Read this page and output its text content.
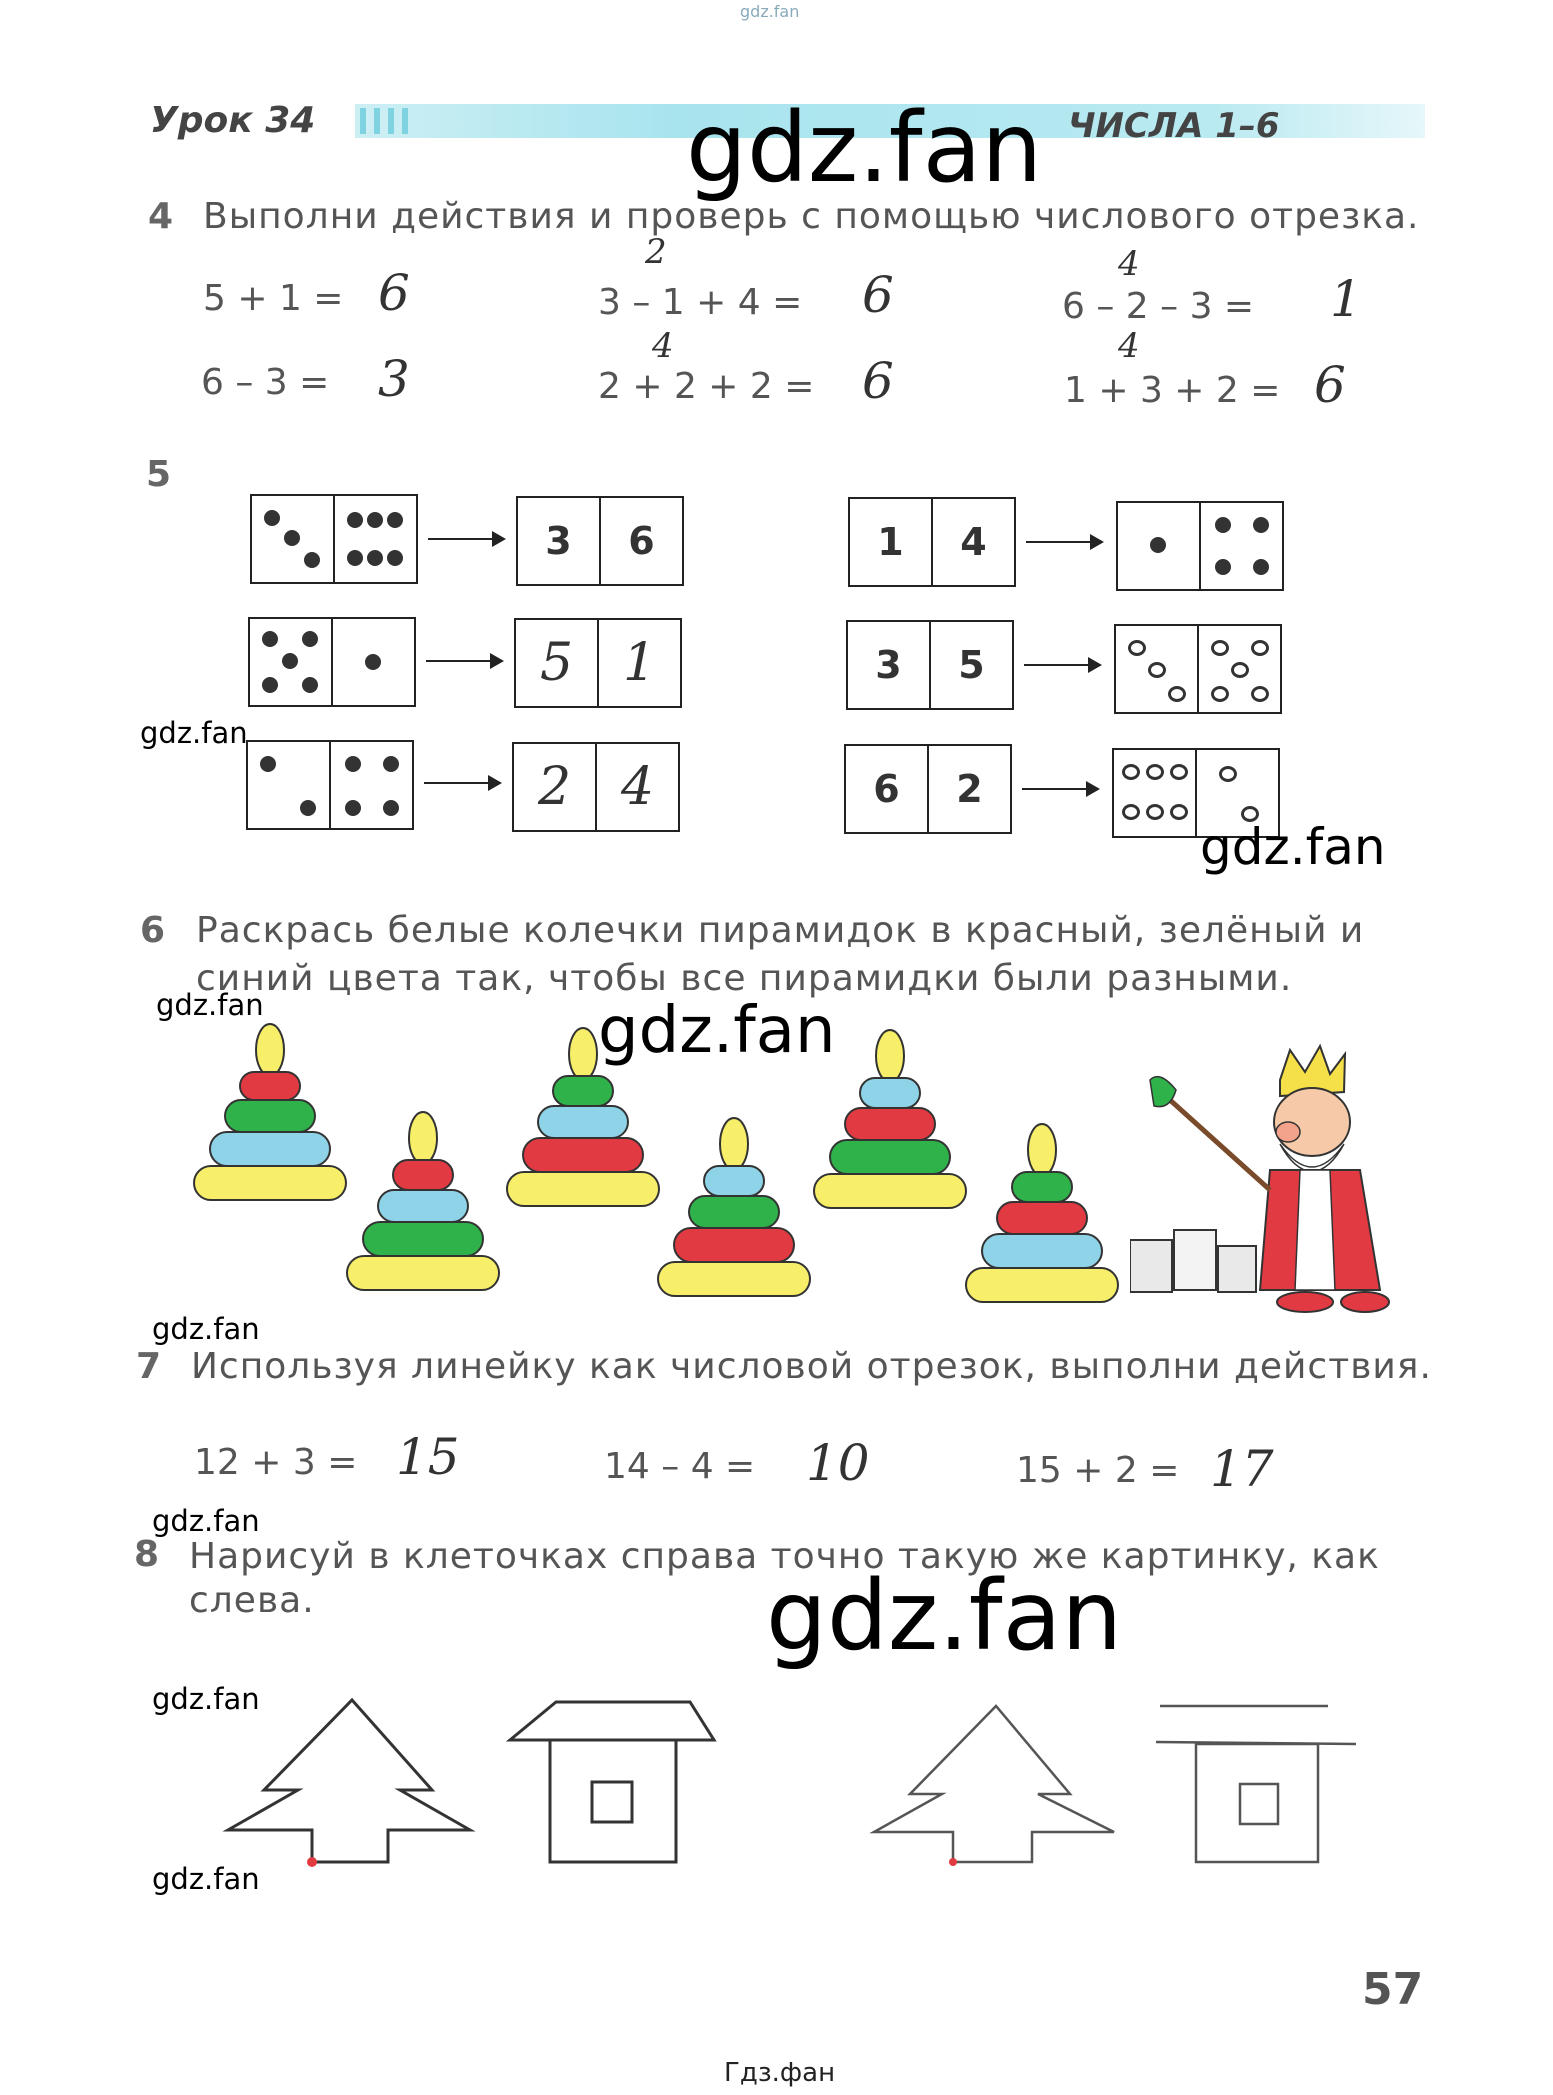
gdz.fan
Урок 34	ЧИСЛА 1–6
4 Выполни действия и проверь с помощью числового отрезка.
5 + 1 = 6
2
3 – 1 + 4 = 6
4
6 – 2 – 3 = 1
6 – 3 = 3
4
2 + 2 + 2 = 6
4
1 + 3 + 2 = 6
5
3	6
5 1
2 4
1	4
3	5
6	2
6 Раскрась белые колечки пирамидок в красный, зелёный и
синий цвета так, чтобы все пирамидки были разными.
7 Используя линейку как числовой отрезок, выполни действия.
12 + 3 = 15	14 – 4 = 10	15 + 2 = 17
8 Нарисуй в клеточках справа точно такую же картинку, как
слева.
57
Гдз.фан
gdz.fan
gdz.fan
gdz.fan
gdz.fan	gdz.fan
gdz.fan
gdz.fan
gdz.fan
gdz.fan
gdz.fan
